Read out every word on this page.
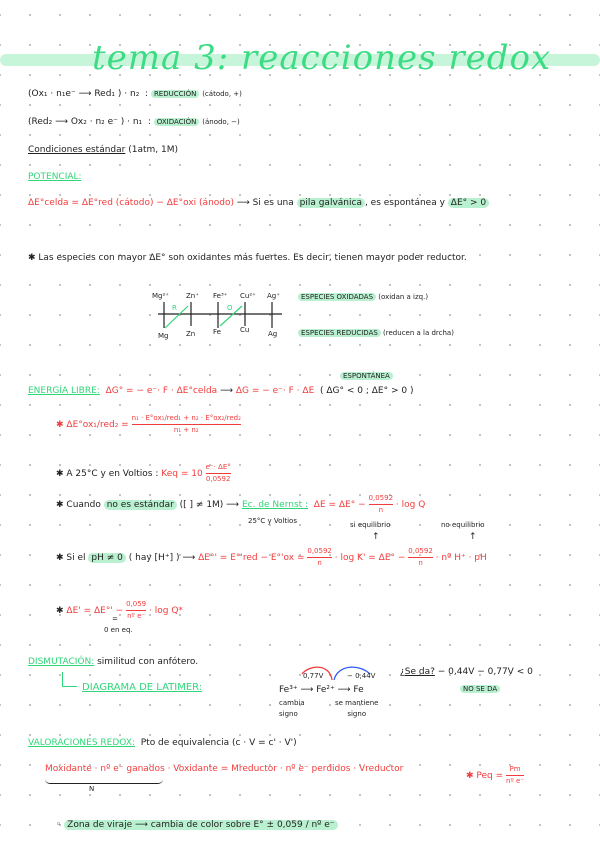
tema 3: reacciones redox
(Ox₁ · n₁e⁻ ⟶ Red₁ ) · n₂  : REDUCCIÓN (cátodo, +)
(Red₂ ⟶ Ox₂ · n₂ e⁻ ) · n₁  : OXIDACIÓN (ánodo, −)
Condiciones estándar (1atm, 1M)
POTENCIAL:
ΔE°celda = ΔE°red (cátodo) − ΔE°oxi (ánodo) ⟶ Si es una pila galvánica , es espontánea y ΔE° > 0
✱ Las especies con mayor ΔE° son oxidantes más fuertes. Es decir, tienen mayor poder reductor.
Mg²⁺ Zn⁺ Fe³⁺ Cu²⁺ Ag⁺
Mg	Zn	Fe	Cu	Ag
R	O
ESPECIES OXIDADAS (oxidan a izq.)
ESPECIES REDUCIDAS (reducen a la drcha)
ESPONTÁNEA
ENERGÍA LIBRE: ΔG° = − e⁻· F · ΔE°celda ⟶ ΔG = − e⁻· F · ΔE ( ΔG° < 0 ; ΔE° > 0 )
✱ $\Delta E^\circ ox_1/red_2 = \frac{\text{n₁ · E°ox₁/red₁ + n₂ · E°ox₂/red₂}}{\text{n₁ + n₂}}$
✱ A 25°C y en Voltios : Keq = $10 \frac{e^-\cdot \Delta E^\circ}{0,0592}$
✱ Cuando no es estándar ([ ] ≠ 1M) ⟶ Ec. de Nernst : $\Delta E = \Delta E^\circ - \frac{0,0592}{n} \cdot \log Q$
25°C y Voltios	si equilibrio	no equilibrio
↑	↑
✱ Si el pH ≠ 0 ( hay [H⁺] ) ⟶ $\Delta E^\circ' = E^\circ'red - E^\circ'ox = \frac{0,0592}{n} \cdot \log K' = \Delta E^\circ - \frac{0,0592}{n}$ · nº H⁺ · pH
✱ $\Delta E' = \Delta E^\circ' - \frac{0,059}{\text{nº e⁻}} \cdot \log Q*$
=
0 en eq.
DISMUTACIÓN: similitud con anfótero.
DIAGRAMA DE LATIMER:
0,77V	− 0,44V
Fe³⁺ ⟶ Fe²⁺ ⟶ Fe
cambia
signo
se mantiene
signo
¿Se da? − 0,44V − 0,77V < 0
NO SE DA
VALORACIONES REDOX: Pto de equivalencia (c · V = c' · V')
Moxidante · nº e⁻ ganados · Voxidante = Mreductor · nº e⁻ perdidos · Vreductor
N
✱ Peq = $\frac{Pm}{\text{nº e⁻}}$
◦ Zona de viraje ⟶ cambia de color sobre E° ± 0,059 / nº e⁻
